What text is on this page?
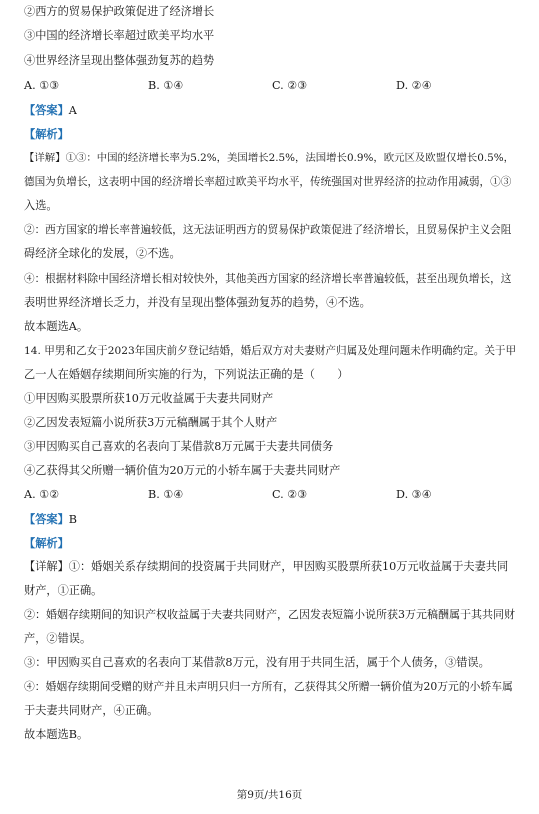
②西方的贸易保护政策促进了经济增长
③中国的经济增长率超过欧美平均水平
④世界经济呈现出整体强劲复苏的趋势
A. ①③	B. ①④	C. ②③	D. ②④
【答案】A
【解析】
【详解】①③：中国的经济增长率为5.2%，美国增长2.5%，法国增长0.9%，欧元区及欧盟仅增长0.5%，
德国为负增长，这表明中国的经济增长率超过欧美平均水平，传统强国对世界经济的拉动作用减弱，①③
入选。
②：西方国家的增长率普遍较低，这无法证明西方的贸易保护政策促进了经济增长，且贸易保护主义会阻
碍经济全球化的发展，②不选。
④：根据材料除中国经济增长相对较快外，其他美西方国家的经济增长率普遍较低，甚至出现负增长，这
表明世界经济增长乏力，并没有呈现出整体强劲复苏的趋势，④不选。
故本题选A。
14. 甲男和乙女于2023年国庆前夕登记结婚，婚后双方对夫妻财产归属及处理问题未作明确约定。关于甲
乙一人在婚姻存续期间所实施的行为，下列说法正确的是（　　）
①甲因购买股票所获10万元收益属于夫妻共同财产
②乙因发表短篇小说所获3万元稿酬属于其个人财产
③甲因购买自己喜欢的名表向丁某借款8万元属于夫妻共同债务
④乙获得其父所赠一辆价值为20万元的小轿车属于夫妻共同财产
A. ①②	B. ①④	C. ②③	D. ③④
【答案】B
【解析】
【详解】①：婚姻关系存续期间的投资属于共同财产，甲因购买股票所获10万元收益属于夫妻共同
财产，①正确。
②：婚姻存续期间的知识产权收益属于夫妻共同财产，乙因发表短篇小说所获3万元稿酬属于其共同财
产，②错误。
③：甲因购买自己喜欢的名表向丁某借款8万元，没有用于共同生活，属于个人债务，③错误。
④：婚姻存续期间受赠的财产并且未声明只归一方所有，乙获得其父所赠一辆价值为20万元的小轿车属
于夫妻共同财产，④正确。
故本题选B。
第9页/共16页
